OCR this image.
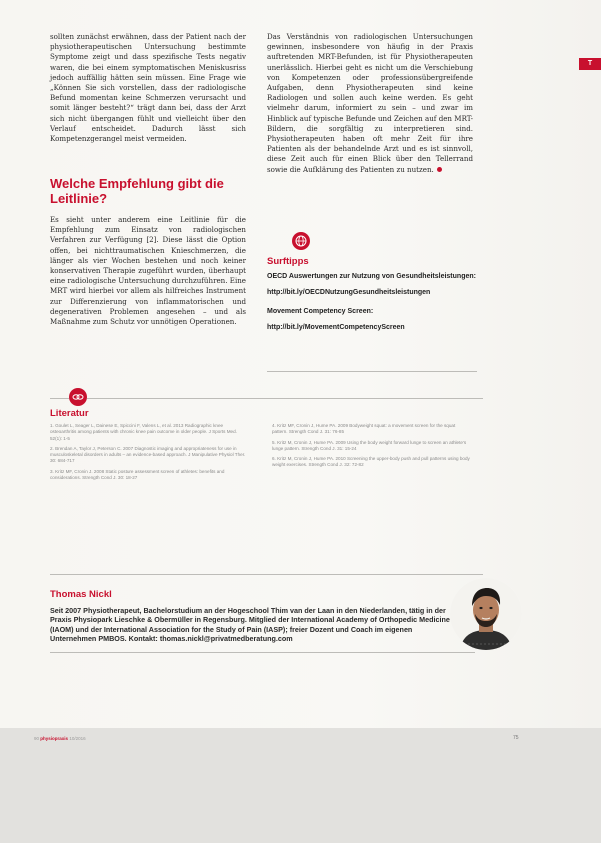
T
sollten zunächst erwähnen, dass der Patient nach der physiotherapeutischen Untersuchung bestimmte Symptome zeigt und dass spezifische Tests negativ waren, die bei einem symptomatischen Meniskusriss jedoch auffällig hätten sein müssen. Eine Frage wie „Können Sie sich vorstellen, dass der radiologische Befund momentan keine Schmerzen verursacht und somit länger besteht?“ trägt dann bei, dass der Arzt sich nicht übergangen fühlt und vielleicht über den Verlauf entscheidet. Dadurch lässt sich Kompetenzgerangel meist vermeiden.
Das Verständnis von radiologischen Untersuchungen gewinnen, insbesondere von häufig in der Praxis auftretenden MRT-Befunden, ist für Physiotherapeuten unerlässlich. Hierbei geht es nicht um die Verschiebung von Kompetenzen oder professionsübergreifende Aufgaben, denn Physiotherapeuten sind keine Radiologen und sollen auch keine werden. Es geht vielmehr darum, informiert zu sein – und zwar im Hinblick auf typische Befunde und Zeichen auf den MRT-Bildern, die sorgfältig zu interpretieren sind. Physiotherapeuten haben oft mehr Zeit für ihre Patienten als der behandelnde Arzt und es ist sinnvoll, diese Zeit auch für einen Blick über den Tellerrand sowie die Aufklärung des Patienten zu nutzen.
Welche Empfehlung gibt die Leitlinie?
Es sieht unter anderem eine Leitlinie für die Empfehlung zum Einsatz von radiologischen Verfahren zur Verfügung [2]. Diese lässt die Option offen, bei nichttraumatischen Knieschmerzen, die länger als vier Wochen bestehen und noch keiner konservativen Therapie zugeführt wurden, überhaupt eine radiologische Untersuchung durchzuführen. Eine MRT wird hierbei vor allem als hilfreiches Instrument zur Differenzierung von inflammatorischen und degenerativen Problemen angesehen – und als Maßnahme zum Schutz vor unnötigen Operationen.
Surftipps

OECD Auswertungen zur Nutzung von Gesundheitsleistungen:

http://bit.ly/OECDNutzungGesundheitsleistungen

Movement Competency Screen:

http://bit.ly/MovementCompetencyScreen

Literatur
1. Goulet L, Seager L, Dainese E, Spiccini F, Valens L, et al. 2013 Radiographic knee osteoarthritis among patients with chronic knee pain outcome in older people. J Sports Med. 52(1): 1-5
2. Brendan A, Taylor J, Peterson C. 2007 Diagnostic imaging and appropriateness for use in musculoskeletal disorders in adults – an evidence-based approach. J Manipulative Physiol Ther. 30: 684-717
3. Kritz MF, Cronin J. 2008 Static posture assessment screen of athletes: benefits and considerations. Strength Cond J. 30: 18-27
4. Kritz MF, Cronin J, Hume PA. 2009 Bodyweight squat: a movement screen for the squat pattern. Strength Cond J. 31: 76-85
5. Kritz M, Cronin J, Hume PA. 2009 Using the body weight forward lunge to screen an athlete’s lunge pattern. Strength Cond J. 31: 15-24
6. Kritz M, Cronin J, Hume PA. 2010 Screening the upper-body push and pull patterns using body weight exercises. Strength Cond J. 32: 72-82
Thomas Nickl

Seit 2007 Physiotherapeut, Bachelorstudium an der Hogeschool Thim van der Laan in den Niederlanden, tätig in der Praxis Physiopark Lieschke & Obermüller in Regensburg. Mitglied der International Academy of Orthopedic Medicine (IAOM) und der International Association for the Study of Pain (IASP); freier Dozent und Coach im eigenen Unternehmen PMBOS. Kontakt: thomas.nickl@privatmedberatung.com

90 physiopraxis 10/2016	75
